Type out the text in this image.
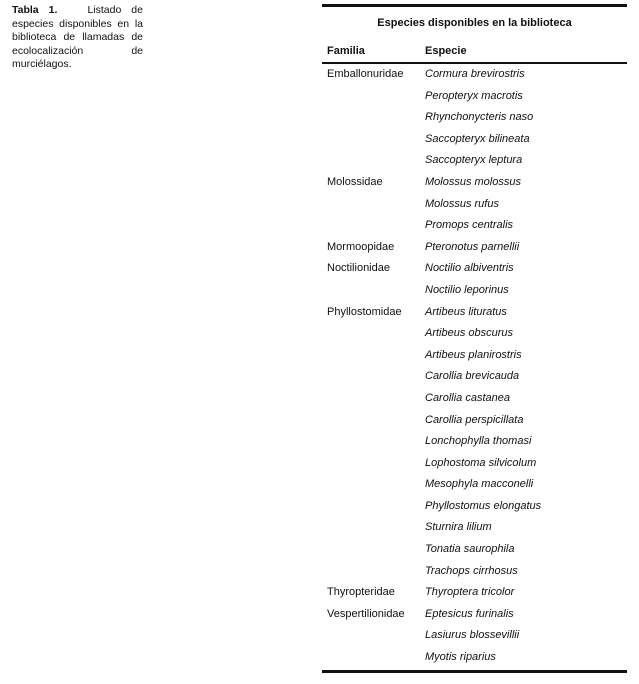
Tabla 1.	Listado de especies disponibles en la biblioteca de llamadas de ecolocalización de murciélagos.
Especies disponibles en la biblioteca
Familia	Especie
Emballonuridae	Cormura brevirostris
Peropteryx macrotis
Rhynchonycteris naso
Saccopteryx bilineata
Saccopteryx leptura
Molossidae	Molossus molossus
Molossus rufus
Promops centralis
Mormoopidae	Pteronotus parnellii
Noctilionidae	Noctilio albiventris
Noctilio leporinus
Phyllostomidae	Artibeus lituratus
Artibeus obscurus
Artibeus planirostris
Carollia brevicauda
Carollia castanea
Carollia perspicillata
Lonchophylla thomasi
Lophostoma silvicolum
Mesophyla macconelli
Phyllostomus elongatus
Sturnira lilium
Tonatia saurophila
Trachops cirrhosus
Thyropteridae	Thyroptera tricolor
Vespertilionidae	Eptesicus furinalis
Lasiurus blossevillii
Myotis riparius
